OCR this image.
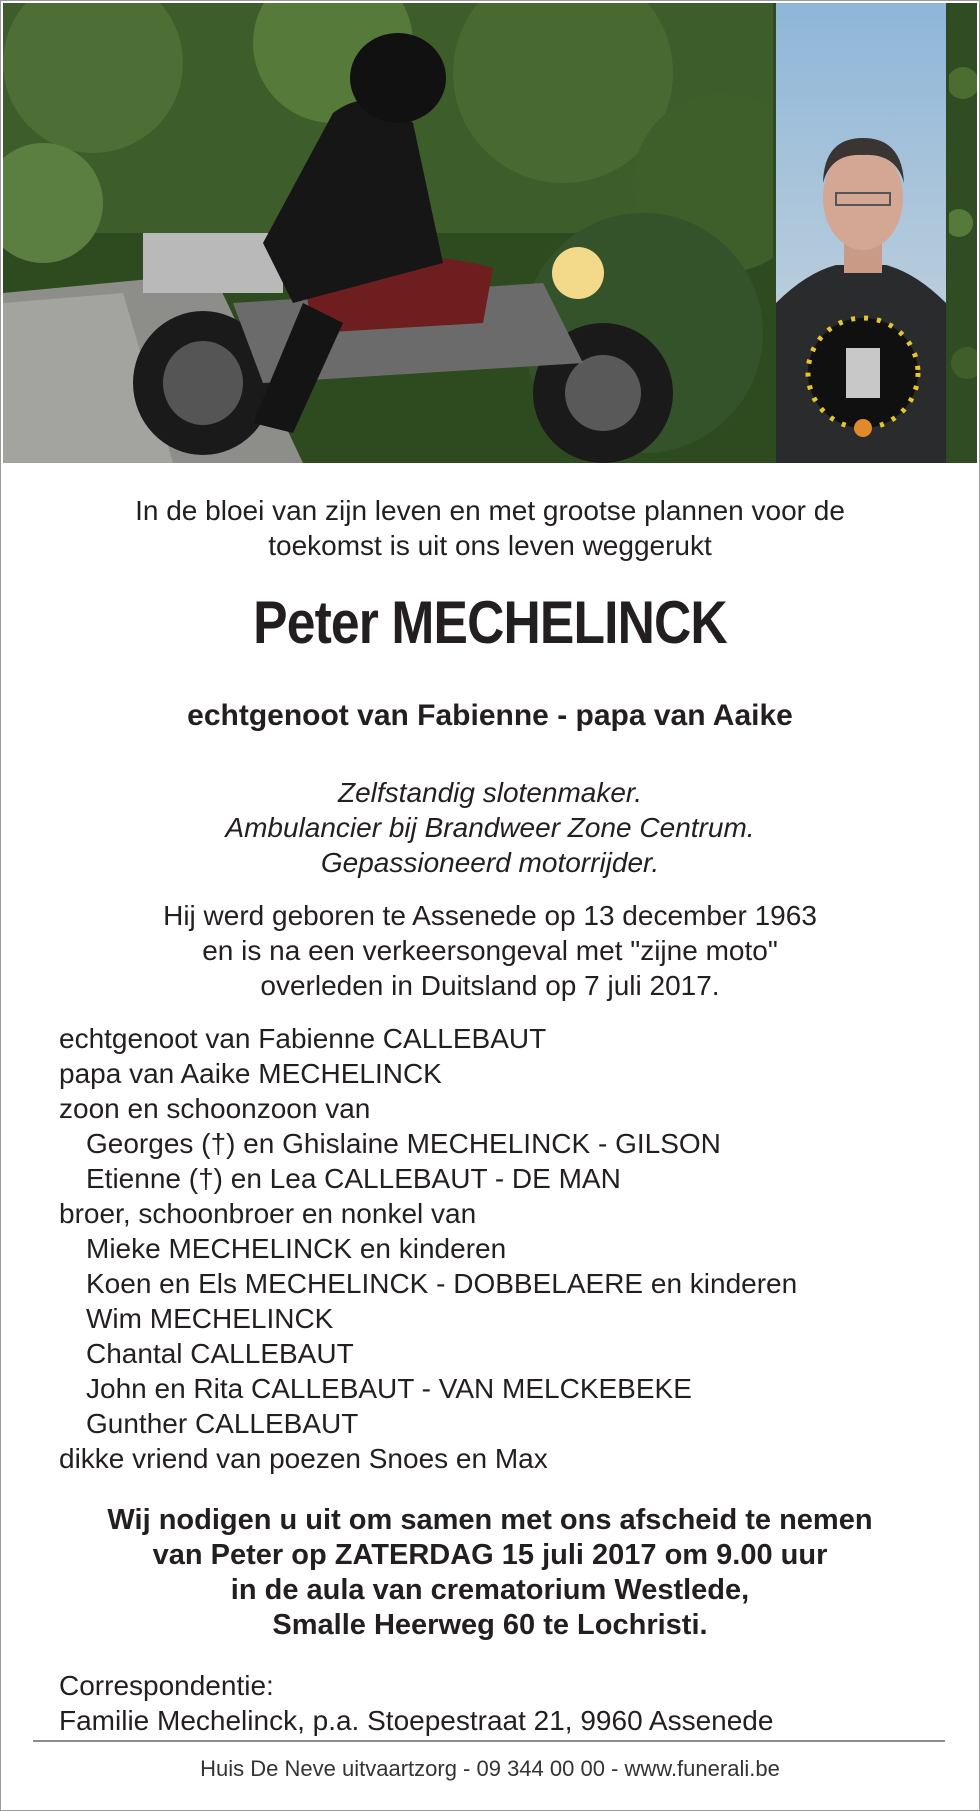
In de bloei van zijn leven en met grootse plannen voor de
toekomst is uit ons leven weggerukt
Peter MECHELINCK
echtgenoot van Fabienne - papa van Aaike
Zelfstandig slotenmaker.
Ambulancier bij Brandweer Zone Centrum.
Gepassioneerd motorrijder.
Hij werd geboren te Assenede op 13 december 1963
en is na een verkeersongeval met "zijne moto"
overleden in Duitsland op 7 juli 2017.
echtgenoot van Fabienne CALLEBAUT
papa van Aaike MECHELINCK
zoon en schoonzoon van
Georges (†) en Ghislaine MECHELINCK - GILSON
Etienne (†) en Lea CALLEBAUT - DE MAN
broer, schoonbroer en nonkel van
Mieke MECHELINCK en kinderen
Koen en Els MECHELINCK - DOBBELAERE en kinderen
Wim MECHELINCK
Chantal CALLEBAUT
John en Rita CALLEBAUT - VAN MELCKEBEKE
Gunther CALLEBAUT
dikke vriend van poezen Snoes en Max
Wij nodigen u uit om samen met ons afscheid te nemen
van Peter op ZATERDAG 15 juli 2017 om 9.00 uur
in de aula van crematorium Westlede,
Smalle Heerweg 60 te Lochristi.
Correspondentie:
Familie Mechelinck, p.a. Stoepestraat 21, 9960 Assenede
Huis De Neve uitvaartzorg - 09 344 00 00 - www.funerali.be
